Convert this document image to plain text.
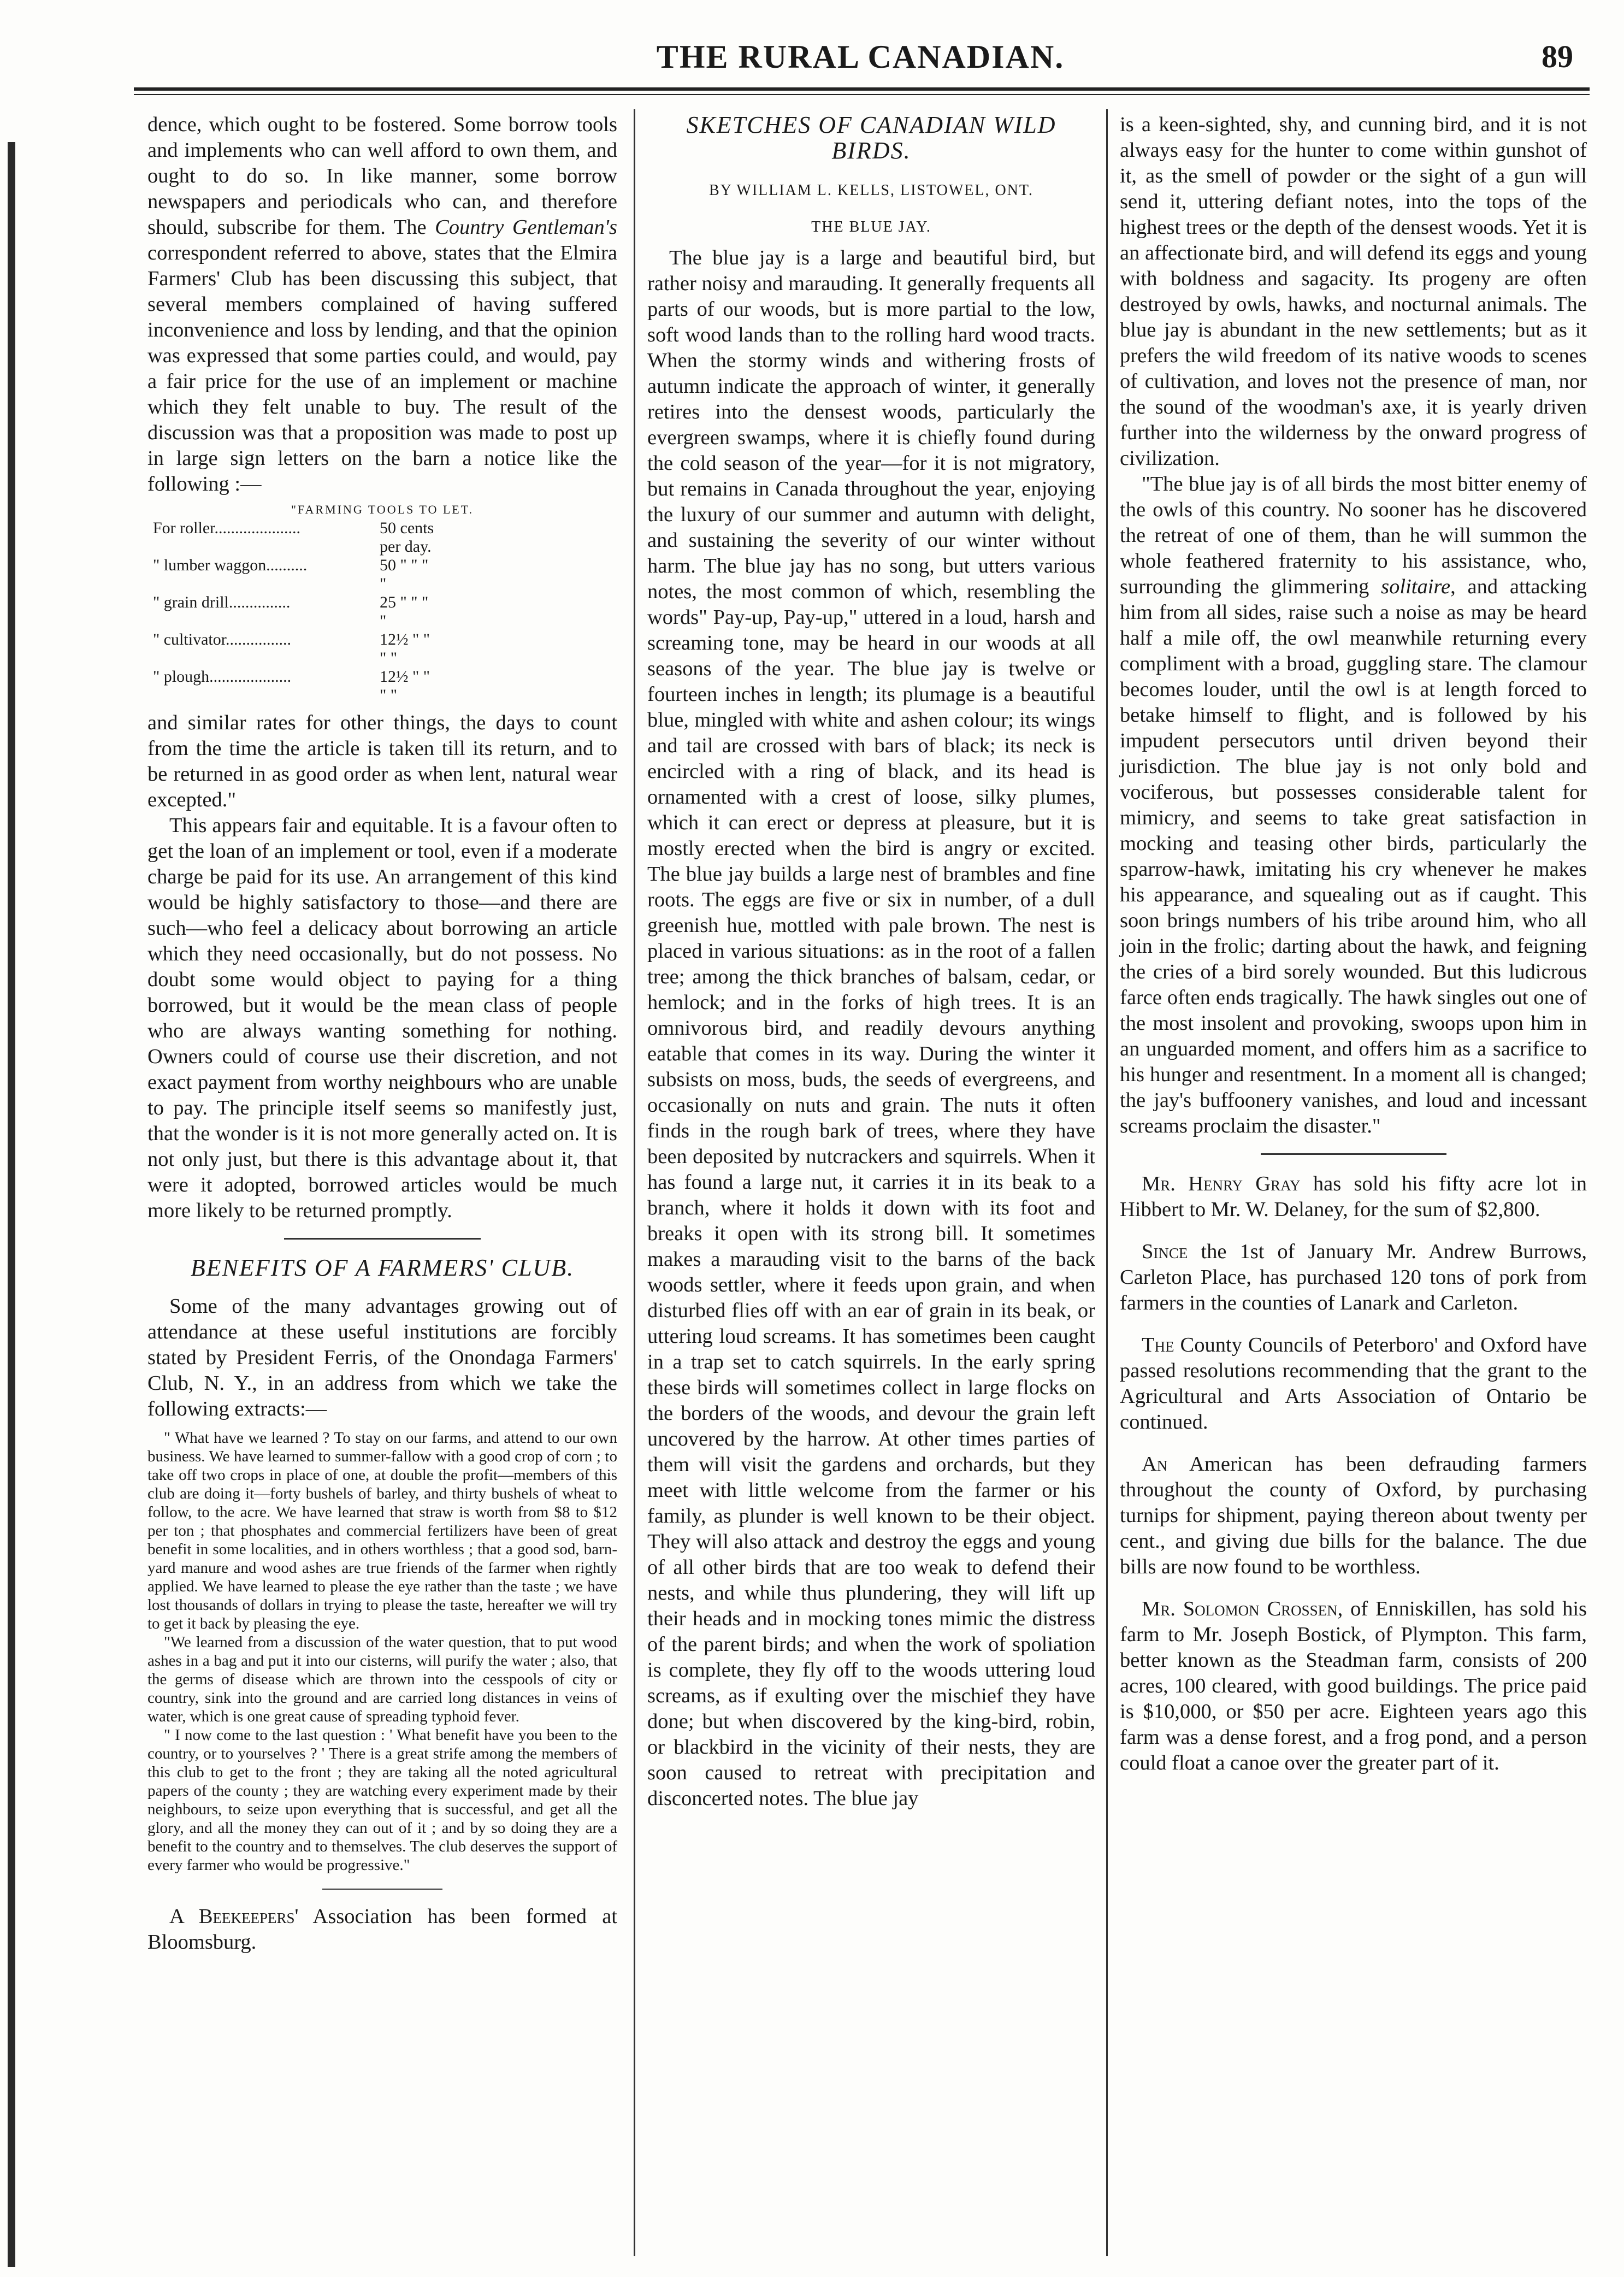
THE RURAL CANADIAN.	89

dence, which ought to be fostered. Some borrow tools and implements who can well afford to own them, and ought to do so. In like manner, some borrow newspapers and periodicals who can, and therefore should, subscribe for them. The Country Gentleman's correspondent referred to above, states that the Elmira Farmers' Club has been discussing this subject, that several members complained of having suffered inconvenience and loss by lending, and that the opinion was expressed that some parties could, and would, pay a fair price for the use of an implement or machine which they felt unable to buy. The result of the discussion was that a proposition was made to post up in large sign letters on the barn a notice like the following :—

"FARMING TOOLS TO LET.
For roller.....................	50 cents per day.
" lumber waggon..........	50 " " " "
" grain drill...............	25 " " " "
" cultivator................	12½ " " " "
" plough....................	12½ " " " "

and similar rates for other things, the days to count from the time the article is taken till its return, and to be returned in as good order as when lent, natural wear excepted."

This appears fair and equitable. It is a favour often to get the loan of an implement or tool, even if a moderate charge be paid for its use. An arrangement of this kind would be highly satisfactory to those—and there are such—who feel a delicacy about borrowing an article which they need occasionally, but do not possess. No doubt some would object to paying for a thing borrowed, but it would be the mean class of people who are always wanting something for nothing. Owners could of course use their discretion, and not exact payment from worthy neighbours who are unable to pay. The principle itself seems so manifestly just, that the wonder is it is not more generally acted on. It is not only just, but there is this advantage about it, that were it adopted, borrowed articles would be much more likely to be returned promptly.

BENEFITS OF A FARMERS' CLUB.

Some of the many advantages growing out of attendance at these useful institutions are forcibly stated by President Ferris, of the Onondaga Farmers' Club, N. Y., in an address from which we take the following extracts:—

" What have we learned ? To stay on our farms, and attend to our own business. We have learned to summer-fallow with a good crop of corn ; to take off two crops in place of one, at double the profit—members of this club are doing it—forty bushels of barley, and thirty bushels of wheat to follow, to the acre. We have learned that straw is worth from $8 to $12 per ton ; that phosphates and commercial fertilizers have been of great benefit in some localities, and in others worthless ; that a good sod, barn-yard manure and wood ashes are true friends of the farmer when rightly applied. We have learned to please the eye rather than the taste ; we have lost thousands of dollars in trying to please the taste, hereafter we will try to get it back by pleasing the eye.

"We learned from a discussion of the water question, that to put wood ashes in a bag and put it into our cisterns, will purify the water ; also, that the germs of disease which are thrown into the cesspools of city or country, sink into the ground and are carried long distances in veins of water, which is one great cause of spreading typhoid fever.

" I now come to the last question : ' What benefit have you been to the country, or to yourselves ? ' There is a great strife among the members of this club to get to the front ; they are taking all the noted agricultural papers of the county ; they are watching every experiment made by their neighbours, to seize upon everything that is successful, and get all the glory, and all the money they can out of it ; and by so doing they are a benefit to the country and to themselves. The club deserves the support of every farmer who would be progressive."

A Beekeepers' Association has been formed at Bloomsburg.

SKETCHES OF CANADIAN WILD BIRDS.
BY WILLIAM L. KELLS, LISTOWEL, ONT.
THE BLUE JAY.

The blue jay is a large and beautiful bird, but rather noisy and marauding. It generally frequents all parts of our woods, but is more partial to the low, soft wood lands than to the rolling hard wood tracts. When the stormy winds and withering frosts of autumn indicate the approach of winter, it generally retires into the densest woods, particularly the evergreen swamps, where it is chiefly found during the cold season of the year—for it is not migratory, but remains in Canada throughout the year, enjoying the luxury of our summer and autumn with delight, and sustaining the severity of our winter without harm. The blue jay has no song, but utters various notes, the most common of which, resembling the words" Pay-up, Pay-up," uttered in a loud, harsh and screaming tone, may be heard in our woods at all seasons of the year. The blue jay is twelve or fourteen inches in length; its plumage is a beautiful blue, mingled with white and ashen colour; its wings and tail are crossed with bars of black; its neck is encircled with a ring of black, and its head is ornamented with a crest of loose, silky plumes, which it can erect or depress at pleasure, but it is mostly erected when the bird is angry or excited. The blue jay builds a large nest of brambles and fine roots. The eggs are five or six in number, of a dull greenish hue, mottled with pale brown. The nest is placed in various situations: as in the root of a fallen tree; among the thick branches of balsam, cedar, or hemlock; and in the forks of high trees. It is an omnivorous bird, and readily devours anything eatable that comes in its way. During the winter it subsists on moss, buds, the seeds of evergreens, and occasionally on nuts and grain. The nuts it often finds in the rough bark of trees, where they have been deposited by nutcrackers and squirrels. When it has found a large nut, it carries it in its beak to a branch, where it holds it down with its foot and breaks it open with its strong bill. It sometimes makes a marauding visit to the barns of the back woods settler, where it feeds upon grain, and when disturbed flies off with an ear of grain in its beak, or uttering loud screams. It has sometimes been caught in a trap set to catch squirrels. In the early spring these birds will sometimes collect in large flocks on the borders of the woods, and devour the grain left uncovered by the harrow. At other times parties of them will visit the gardens and orchards, but they meet with little welcome from the farmer or his family, as plunder is well known to be their object. They will also attack and destroy the eggs and young of all other birds that are too weak to defend their nests, and while thus plundering, they will lift up their heads and in mocking tones mimic the distress of the parent birds; and when the work of spoliation is complete, they fly off to the woods uttering loud screams, as if exulting over the mischief they have done; but when discovered by the king-bird, robin, or blackbird in the vicinity of their nests, they are soon caused to retreat with precipitation and disconcerted notes. The blue jay

is a keen-sighted, shy, and cunning bird, and it is not always easy for the hunter to come within gunshot of it, as the smell of powder or the sight of a gun will send it, uttering defiant notes, into the tops of the highest trees or the depth of the densest woods. Yet it is an affectionate bird, and will defend its eggs and young with boldness and sagacity. Its progeny are often destroyed by owls, hawks, and nocturnal animals. The blue jay is abundant in the new settlements; but as it prefers the wild freedom of its native woods to scenes of cultivation, and loves not the presence of man, nor the sound of the woodman's axe, it is yearly driven further into the wilderness by the onward progress of civilization.

"The blue jay is of all birds the most bitter enemy of the owls of this country. No sooner has he discovered the retreat of one of them, than he will summon the whole feathered fraternity to his assistance, who, surrounding the glimmering solitaire, and attacking him from all sides, raise such a noise as may be heard half a mile off, the owl meanwhile returning every compliment with a broad, guggling stare. The clamour becomes louder, until the owl is at length forced to betake himself to flight, and is followed by his impudent persecutors until driven beyond their jurisdiction. The blue jay is not only bold and vociferous, but possesses considerable talent for mimicry, and seems to take great satisfaction in mocking and teasing other birds, particularly the sparrow-hawk, imitating his cry whenever he makes his appearance, and squealing out as if caught. This soon brings numbers of his tribe around him, who all join in the frolic; darting about the hawk, and feigning the cries of a bird sorely wounded. But this ludicrous farce often ends tragically. The hawk singles out one of the most insolent and provoking, swoops upon him in an unguarded moment, and offers him as a sacrifice to his hunger and resentment. In a moment all is changed; the jay's buffoonery vanishes, and loud and incessant screams proclaim the disaster."

Mr. Henry Gray has sold his fifty acre lot in Hibbert to Mr. W. Delaney, for the sum of $2,800.

Since the 1st of January Mr. Andrew Burrows, Carleton Place, has purchased 120 tons of pork from farmers in the counties of Lanark and Carleton.

The County Councils of Peterboro' and Oxford have passed resolutions recommending that the grant to the Agricultural and Arts Association of Ontario be continued.

An American has been defrauding farmers throughout the county of Oxford, by purchasing turnips for shipment, paying thereon about twenty per cent., and giving due bills for the balance. The due bills are now found to be worthless.

Mr. Solomon Crossen, of Enniskillen, has sold his farm to Mr. Joseph Bostick, of Plympton. This farm, better known as the Steadman farm, consists of 200 acres, 100 cleared, with good buildings. The price paid is $10,000, or $50 per acre. Eighteen years ago this farm was a dense forest, and a frog pond, and a person could float a canoe over the greater part of it.
